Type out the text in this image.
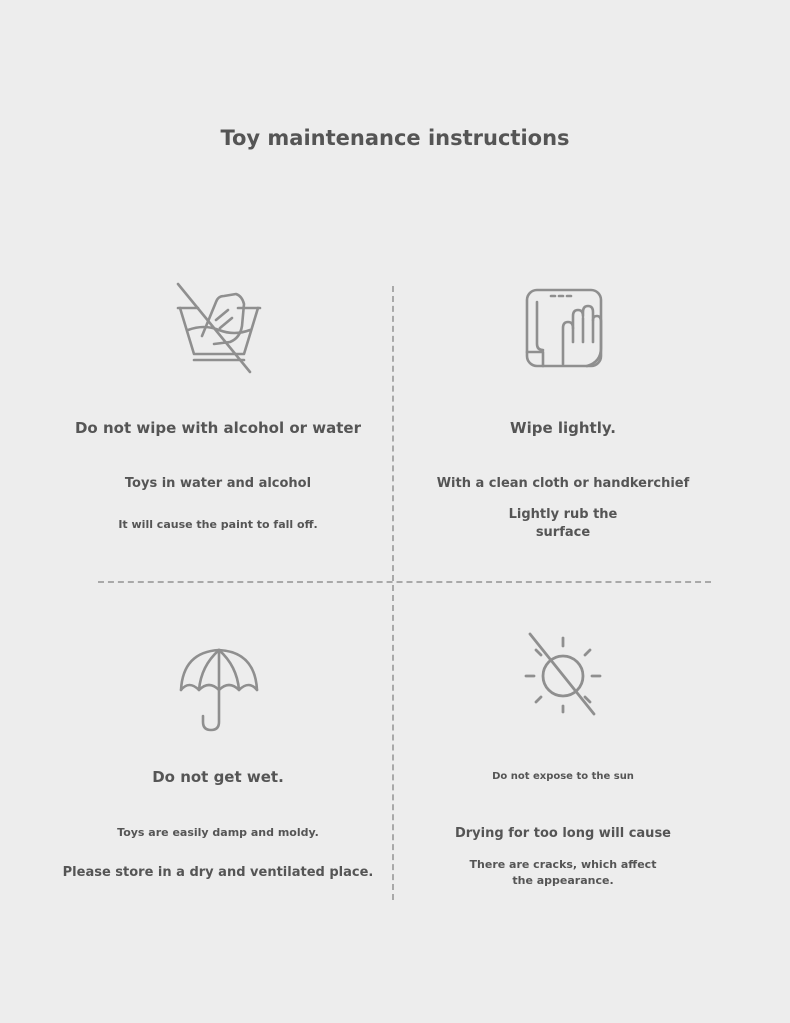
Toy maintenance instructions
Do not wipe with alcohol or water
Toys in water and alcohol
It will cause the paint to fall off.
Wipe lightly.
With a clean cloth or handkerchief
Lightly rub the surface
Do not get wet.
Toys are easily damp and moldy.
Please store in a dry and ventilated place.
Do not expose to the sun
Drying for too long will cause
There are cracks, which affect the appearance.
